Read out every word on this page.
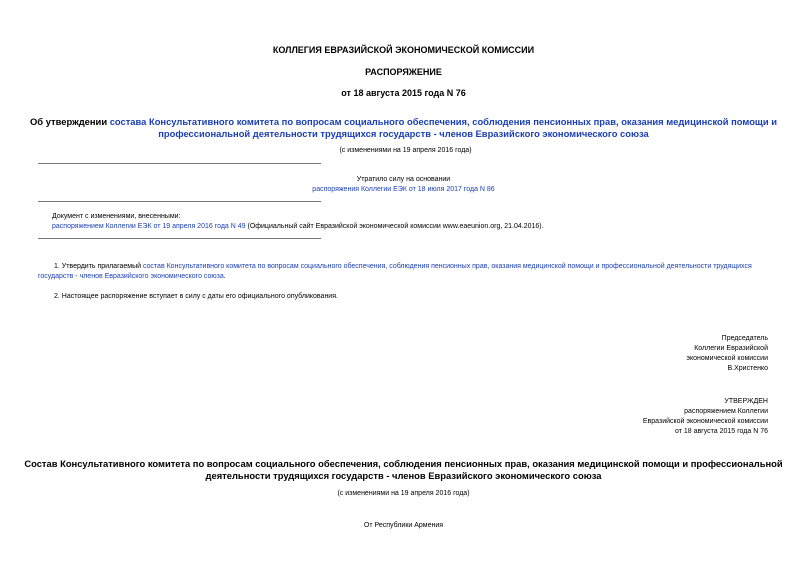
КОЛЛЕГИЯ ЕВРАЗИЙСКОЙ ЭКОНОМИЧЕСКОЙ КОМИССИИ
РАСПОРЯЖЕНИЕ
от 18 августа 2015 года N 76
Об утверждении состава Консультативного комитета по вопросам социального обеспечения, соблюдения пенсионных прав, оказания медицинской помощи и
профессиональной деятельности трудящихся государств - членов Евразийского экономического союза
(с изменениями на 19 апреля 2016 года)
Утратило силу на основании
распоряжения Коллегии ЕЭК от 18 июля 2017 года N 86
Документ с изменениями, внесенными:
распоряжением Коллегии ЕЭК от 19 апреля 2016 года N 49 (Официальный сайт Евразийской экономической комиссии www.eaeunion.org, 21.04.2016).
1. Утвердить прилагаемый состав Консультативного комитета по вопросам социального обеспечения, соблюдения пенсионных прав, оказания медицинской помощи и профессиональной деятельности трудящихся
государств - членов Евразийского экономического союза.
2. Настоящее распоряжение вступает в силу с даты его официального опубликования.
Председатель
Коллегии Евразийской
экономической комиссии
В.Христенко
УТВЕРЖДЕН
распоряжением Коллегии
Евразийской экономической комиссии
от 18 августа 2015 года N 76
Состав Консультативного комитета по вопросам социального обеспечения, соблюдения пенсионных прав, оказания медицинской помощи и профессиональной
деятельности трудящихся государств - членов Евразийского экономического союза
(с изменениями на 19 апреля 2016 года)
От Республики Армения
